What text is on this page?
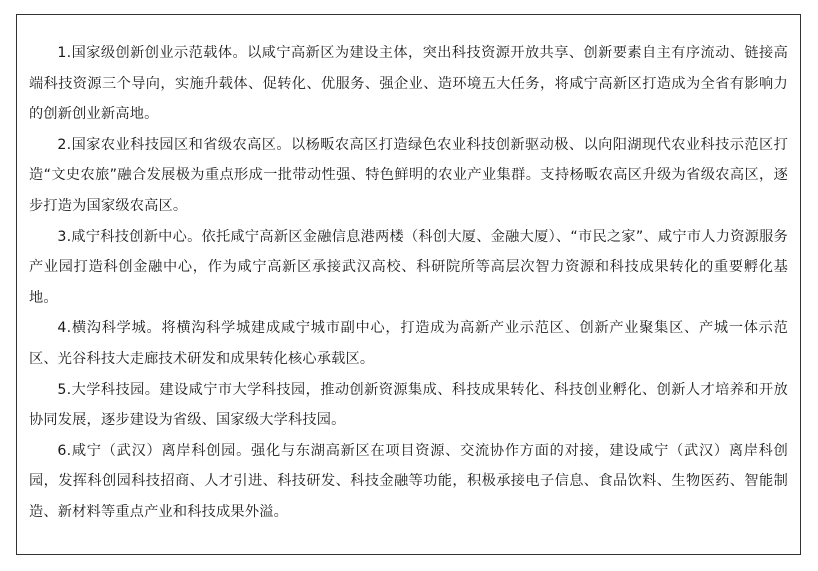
1.国家级创新创业示范载体。以咸宁高新区为建设主体，突出科技资源开放共享、创新要素自主有序流动、链接高端科技资源三个导向，实施升载体、促转化、优服务、强企业、造环境五大任务，将咸宁高新区打造成为全省有影响力的创新创业新高地。

2.国家农业科技园区和省级农高区。以杨畈农高区打造绿色农业科技创新驱动极、以向阳湖现代农业科技示范区打造“文史农旅”融合发展极为重点形成一批带动性强、特色鲜明的农业产业集群。支持杨畈农高区升级为省级农高区，逐步打造为国家级农高区。

3.咸宁科技创新中心。依托咸宁高新区金融信息港两楼（科创大厦、金融大厦）、“市民之家”、咸宁市人力资源服务产业园打造科创金融中心，作为咸宁高新区承接武汉高校、科研院所等高层次智力资源和科技成果转化的重要孵化基地。

4.横沟科学城。将横沟科学城建成咸宁城市副中心，打造成为高新产业示范区、创新产业聚集区、产城一体示范区、光谷科技大走廊技术研发和成果转化核心承载区。

5.大学科技园。建设咸宁市大学科技园，推动创新资源集成、科技成果转化、科技创业孵化、创新人才培养和开放协同发展，逐步建设为省级、国家级大学科技园。

6.咸宁（武汉）离岸科创园。强化与东湖高新区在项目资源、交流协作方面的对接，建设咸宁（武汉）离岸科创园，发挥科创园科技招商、人才引进、科技研发、科技金融等功能，积极承接电子信息、食品饮料、生物医药、智能制造、新材料等重点产业和科技成果外溢。
